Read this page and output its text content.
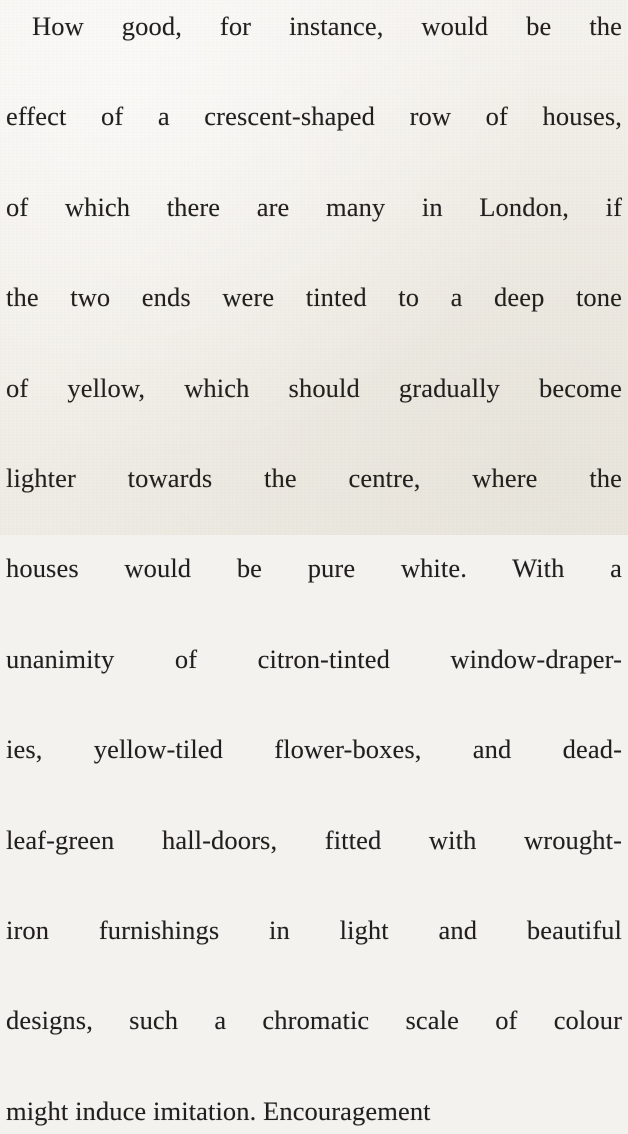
How good, for instance, would be the
effect of a crescent-shaped row of houses,
of which there are many in London, if
the two ends were tinted to a deep tone
of yellow, which should gradually become
lighter towards the centre, where the
houses would be pure white. With a
unanimity of citron-tinted window-draper-
ies, yellow-tiled flower-boxes, and dead-
leaf-green hall-doors, fitted with wrought-
iron furnishings in light and beautiful
designs, such a chromatic scale of colour
might induce imitation. Encouragement
